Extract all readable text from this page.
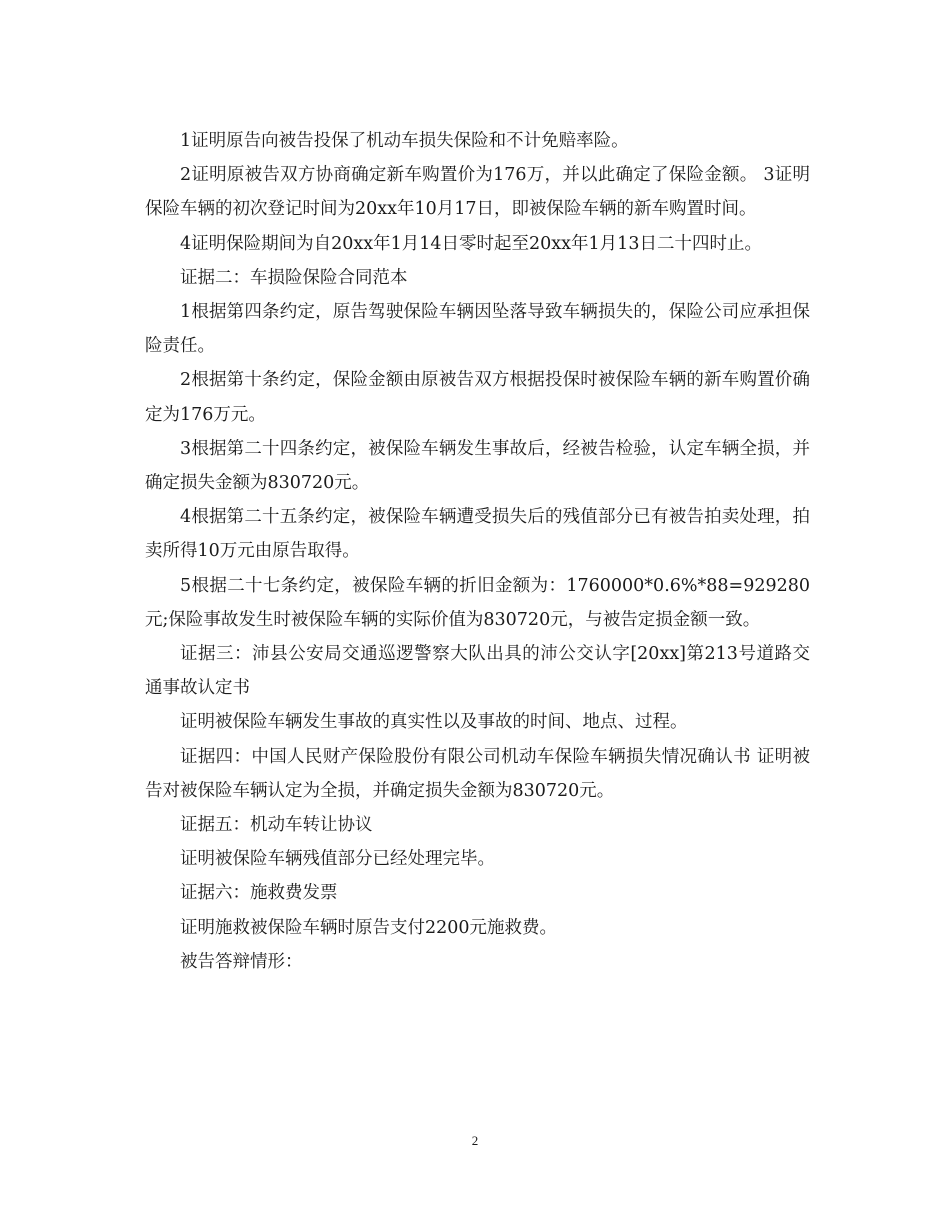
1证明原告向被告投保了机动车损失保险和不计免赔率险。

2证明原被告双方协商确定新车购置价为176万，并以此确定了保险金额。 3证明保险车辆的初次登记时间为20xx年10月17日，即被保险车辆的新车购置时间。

4证明保险期间为自20xx年1月14日零时起至20xx年1月13日二十四时止。

证据二：车损险保险合同范本

1根据第四条约定，原告驾驶保险车辆因坠落导致车辆损失的，保险公司应承担保险责任。

2根据第十条约定，保险金额由原被告双方根据投保时被保险车辆的新车购置价确定为176万元。

3根据第二十四条约定，被保险车辆发生事故后，经被告检验，认定车辆全损，并确定损失金额为830720元。

4根据第二十五条约定，被保险车辆遭受损失后的残值部分已有被告拍卖处理，拍卖所得10万元由原告取得。

5根据二十七条约定，被保险车辆的折旧金额为：1760000*0.6%*88=929280元;保险事故发生时被保险车辆的实际价值为830720元，与被告定损金额一致。

证据三：沛县公安局交通巡逻警察大队出具的沛公交认字[20xx]第213号道路交通事故认定书

证明被保险车辆发生事故的真实性以及事故的时间、地点、过程。

证据四：中国人民财产保险股份有限公司机动车保险车辆损失情况确认书 证明被告对被保险车辆认定为全损，并确定损失金额为830720元。

证据五：机动车转让协议

证明被保险车辆残值部分已经处理完毕。

证据六：施救费发票

证明施救被保险车辆时原告支付2200元施救费。

被告答辩情形：

2
